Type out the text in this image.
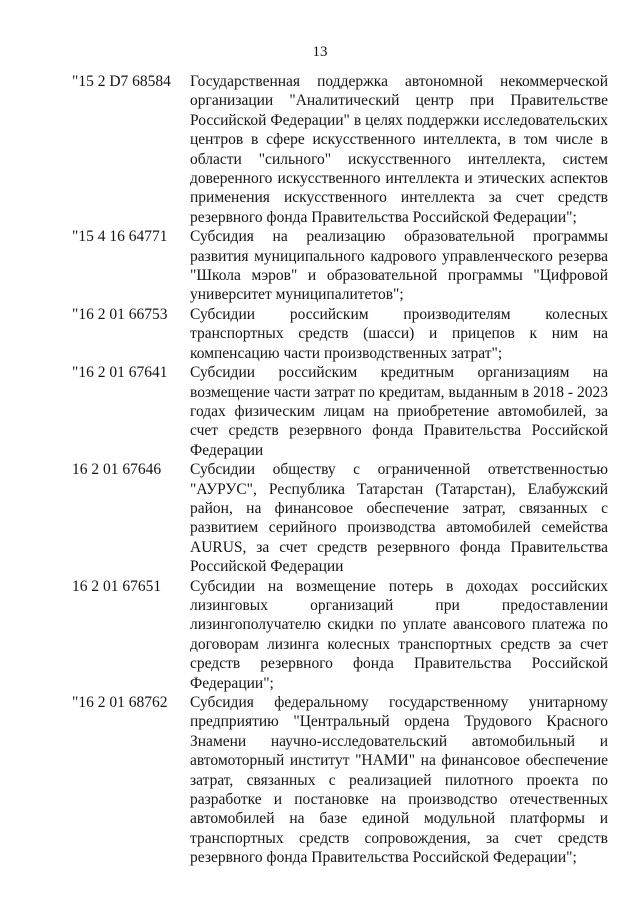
13
"15 2 D7 68584	Государственная поддержка автономной некоммерческой организации "Аналитический центр при Правительстве Российской Федерации" в целях поддержки исследовательских центров в сфере искусственного интеллекта, в том числе в области "сильного" искусственного интеллекта, систем доверенного искусственного интеллекта и этических аспектов применения искусственного интеллекта за счет средств резервного фонда Правительства Российской Федерации";
"15 4 16 64771	Субсидия на реализацию образовательной программы развития муниципального кадрового управленческого резерва "Школа мэров" и образовательной программы "Цифровой университет муниципалитетов";
"16 2 01 66753	Субсидии российским производителям колесных транспортных средств (шасси) и прицепов к ним на компенсацию части производственных затрат";
"16 2 01 67641	Субсидии российским кредитным организациям на возмещение части затрат по кредитам, выданным в 2018 - 2023 годах физическим лицам на приобретение автомобилей, за счет средств резервного фонда Правительства Российской Федерации
16 2 01 67646	Субсидии обществу с ограниченной ответственностью "АУРУС", Республика Татарстан (Татарстан), Елабужский район, на финансовое обеспечение затрат, связанных с развитием серийного производства автомобилей семейства AURUS, за счет средств резервного фонда Правительства Российской Федерации
16 2 01 67651	Субсидии на возмещение потерь в доходах российских лизинговых организаций при предоставлении лизингополучателю скидки по уплате авансового платежа по договорам лизинга колесных транспортных средств за счет средств резервного фонда Правительства Российской Федерации";
"16 2 01 68762	Субсидия федеральному государственному унитарному предприятию "Центральный ордена Трудового Красного Знамени научно-исследовательский автомобильный и автомоторный институт "НАМИ" на финансовое обеспечение затрат, связанных с реализацией пилотного проекта по разработке и постановке на производство отечественных автомобилей на базе единой модульной платформы и транспортных средств сопровождения, за счет средств резервного фонда Правительства Российской Федерации";
